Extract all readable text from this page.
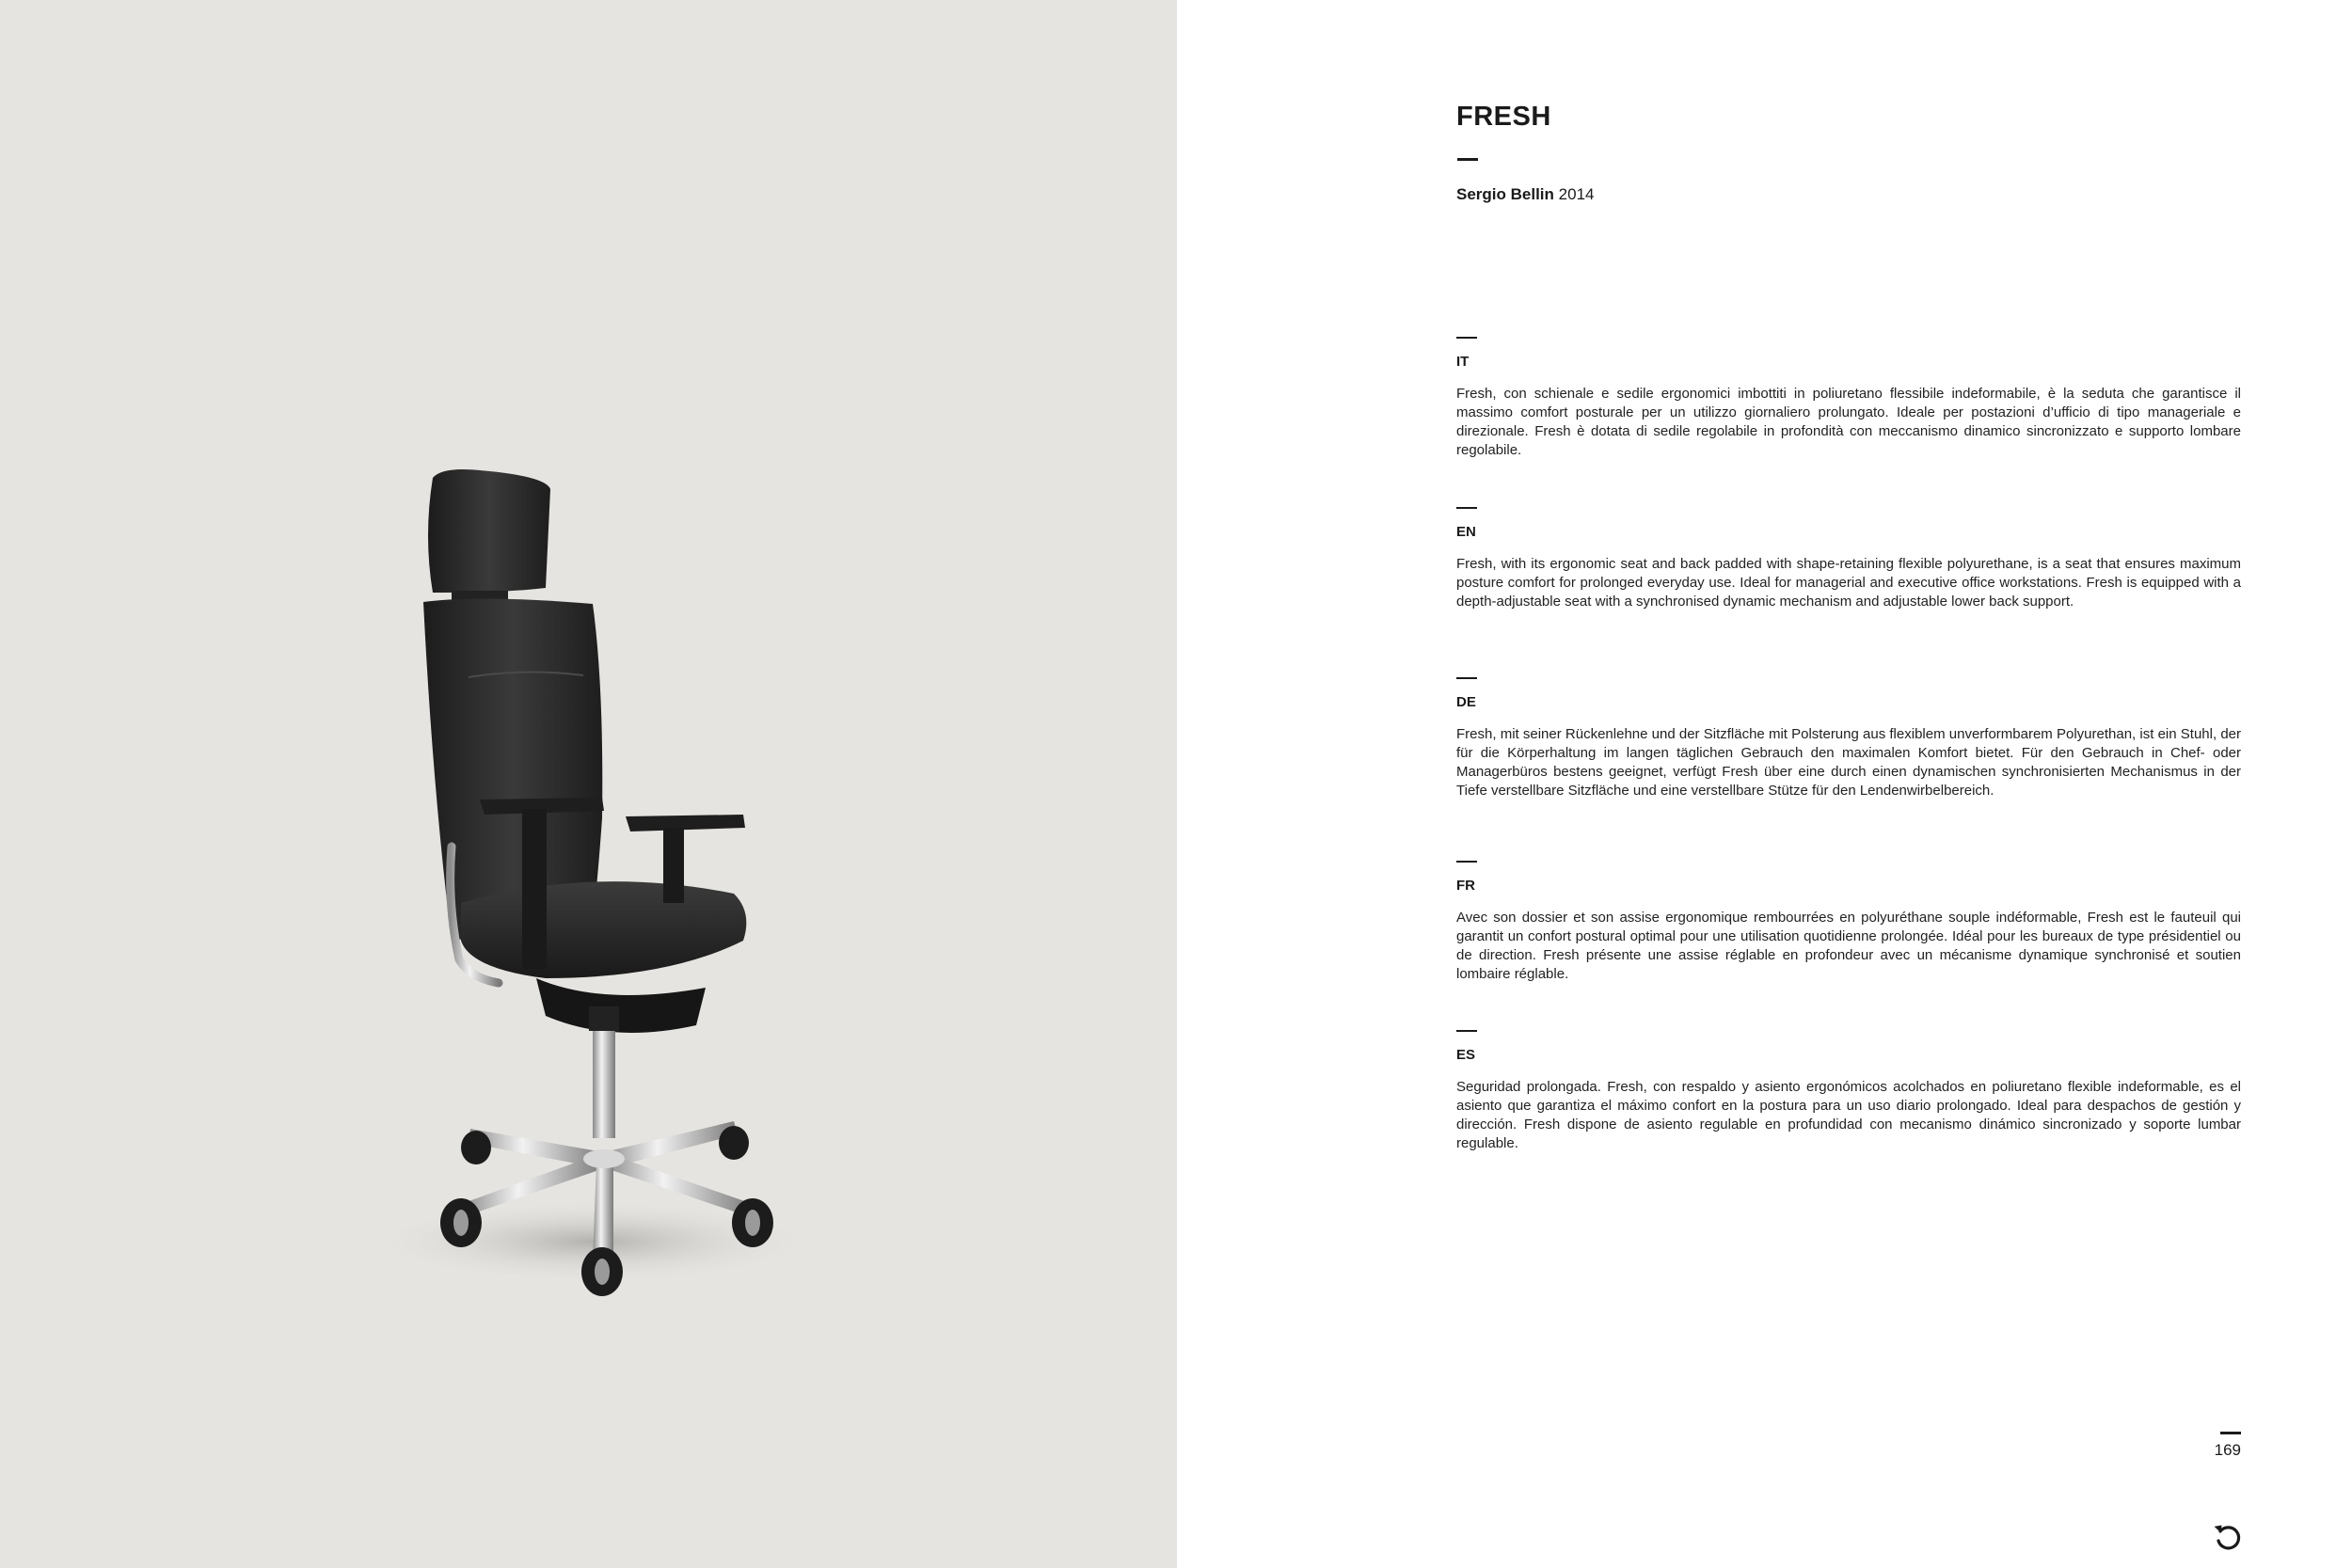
FRESH
Sergio Bellin 2014
IT

Fresh, con schienale e sedile ergonomici imbottiti in poliuretano flessibile indeformabile, è la seduta che garantisce il massimo comfort posturale per un utilizzo giornaliero prolungato. Ideale per postazioni d’ufficio di tipo manageriale e direzionale. Fresh è dotata di sedile regolabile in profondità con meccanismo dinamico sincronizzato e supporto lombare regolabile.

EN

Fresh, with its ergonomic seat and back padded with shape-retaining flexible polyurethane, is a seat that ensures maximum posture comfort for prolonged everyday use. Ideal for managerial and executive office workstations. Fresh is equipped with a depth-adjustable seat with a synchronised dynamic mechanism and adjustable lower back support.

DE

Fresh, mit seiner Rückenlehne und der Sitzfläche mit Polsterung aus flexiblem unverformbarem Polyurethan, ist ein Stuhl, der für die Körperhaltung im langen täglichen Gebrauch den maximalen Komfort bietet. Für den Gebrauch in Chef- oder Managerbüros bestens geeignet, verfügt Fresh über eine durch einen dynamischen synchronisierten Mechanismus in der Tiefe verstellbare Sitzfläche und eine verstellbare Stütze für den Lendenwirbelbereich.

FR

Avec son dossier et son assise ergonomique rembourrées en polyuréthane souple indéformable, Fresh est le fauteuil qui garantit un confort postural optimal pour une utilisation quotidienne prolongée. Idéal pour les bureaux de type présidentiel ou de direction. Fresh présente une assise réglable en profondeur avec un mécanisme dynamique synchronisé et soutien lombaire réglable.

ES

Seguridad prolongada. Fresh, con respaldo y asiento ergonómicos acolchados en poliuretano flexible indeformable, es el asiento que garantiza el máximo confort en la postura para un uso diario prolongado. Ideal para despachos de gestión y dirección. Fresh dispone de asiento regulable en profundidad con mecanismo dinámico sincronizado y soporte lumbar regulable.

169
